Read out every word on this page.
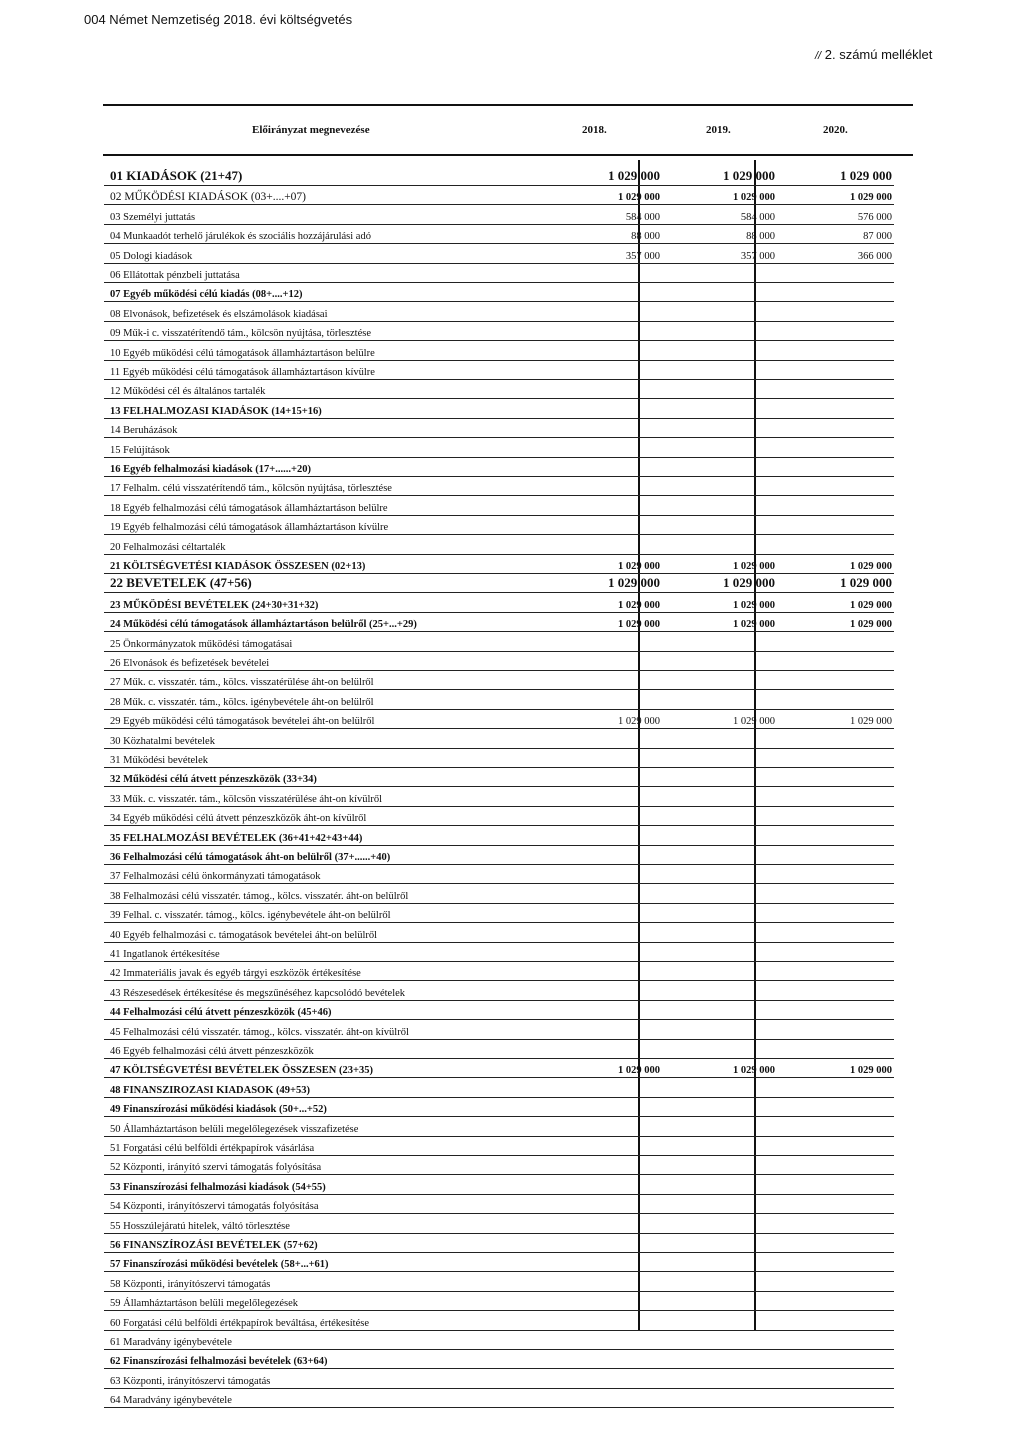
004 Német Nemzetiség 2018. évi költségvetés
// 2. számú melléklet
Előirányzat megnevezése	2018.	2019.	2020.
01 KIADÁSOK (21+47)	1 029 000	1 029 000	1 029 000
02 MŰKÖDÉSI KIADÁSOK (03+....+07)	1 029 000	1 029 000	1 029 000
03 Személyi juttatás	584 000	584 000	576 000
04 Munkaadót terhelő járulékok és szociális hozzájárulási adó	88 000	88 000	87 000
05 Dologi kiadások	357 000	357 000	366 000
06 Ellátottak pénzbeli juttatása
07 Egyéb működési célú kiadás (08+....+12)
08 Elvonások, befizetések és elszámolások kiadásai
09 Műk-i c. visszatérítendő tám., kölcsön nyújtása, törlesztése
10 Egyéb működési célú támogatások államháztartáson belülre
11 Egyéb működési célú támogatások államháztartáson kívülre
12 Működési cél és általános tartalék
13 FELHALMOZASI KIADÁSOK (14+15+16)
14 Beruházások
15 Felújítások
16 Egyéb felhalmozási kiadások (17+......+20)
17 Felhalm. célú visszatérítendő tám., kölcsön nyújtása, törlesztése
18 Egyéb felhalmozási célú támogatások államháztartáson belülre
19 Egyéb felhalmozási célú támogatások államháztartáson kívülre
20 Felhalmozási céltartalék
21 KÖLTSÉGVETÉSI KIADÁSOK ÖSSZESEN (02+13)	1 029 000	1 029 000	1 029 000
22 BEVETELEK (47+56)	1 029 000	1 029 000	1 029 000
23 MŰKÖDÉSI BEVÉTELEK (24+30+31+32)	1 029 000	1 029 000	1 029 000
24 Működési célú támogatások államháztartáson belülről (25+...+29)	1 029 000	1 029 000	1 029 000
25 Önkormányzatok működési támogatásai
26 Elvonások és befizetések bevételei
27 Műk. c. visszatér. tám., kölcs. visszatérülése áht-on belülről
28 Műk. c. visszatér. tám., kölcs. igénybevétele áht-on belülről
29 Egyéb működési célú támogatások bevételei áht-on belülről	1 029 000	1 029 000	1 029 000
30 Közhatalmi bevételek
31 Működési bevételek
32 Működési célú átvett pénzeszközök (33+34)
33 Műk. c. visszatér. tám., kölcsön visszatérülése áht-on kívülről
34 Egyéb működési célú átvett pénzeszközök áht-on kívülről
35 FELHALMOZÁSI BEVÉTELEK (36+41+42+43+44)
36 Felhalmozási célú támogatások áht-on belülről (37+......+40)
37 Felhalmozási célú önkormányzati támogatások
38 Felhalmozási célú visszatér. támog., kölcs. visszatér. áht-on belülről
39 Felhal. c. visszatér. támog., kölcs. igénybevétele áht-on belülről
40 Egyéb felhalmozási c. támogatások bevételei áht-on belülről
41 Ingatlanok értékesítése
42 Immateriális javak és egyéb tárgyi eszközök értékesítése
43 Részesedések értékesítése és megszűnéséhez kapcsolódó bevételek
44 Felhalmozási célú átvett pénzeszközök (45+46)
45 Felhalmozási célú visszatér. támog., kölcs. visszatér. áht-on kívülről
46 Egyéb felhalmozási célú átvett pénzeszközök
47 KÖLTSÉGVETÉSI BEVÉTELEK ÖSSZESEN (23+35)	1 029 000	1 029 000	1 029 000
48 FINANSZIROZASI KIADASOK (49+53)
49 Finanszírozási működési kiadások (50+...+52)
50 Államháztartáson belüli megelőlegezések visszafizetése
51 Forgatási célú belföldi értékpapírok vásárlása
52 Központi, irányító szervi támogatás folyósítása
53 Finanszírozási felhalmozási kiadások (54+55)
54 Központi, irányítószervi támogatás folyósítása
55 Hosszúlejáratú hitelek, váltó törlesztése
56 FINANSZÍROZÁSI BEVÉTELEK (57+62)
57 Finanszírozási működési bevételek (58+...+61)
58 Központi, irányítószervi támogatás
59 Államháztartáson belüli megelőlegezések
60 Forgatási célú belföldi értékpapírok beváltása, értékesítése
61 Maradvány igénybevétele
62 Finanszírozási felhalmozási bevételek (63+64)
63 Központi, irányítószervi támogatás
64 Maradvány igénybevétele
